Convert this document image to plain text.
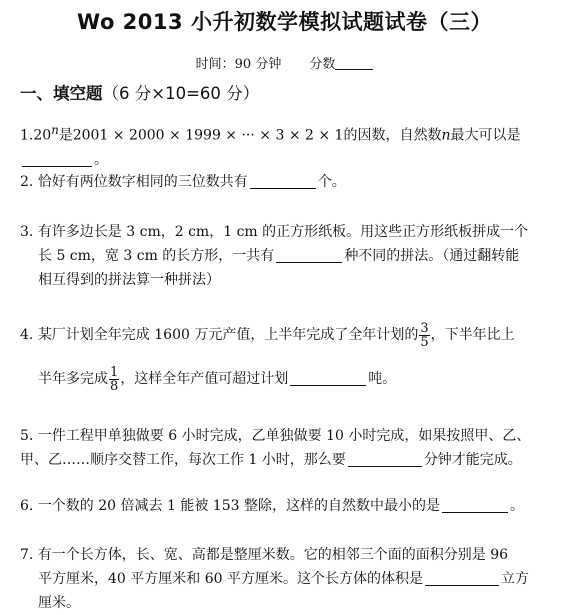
Wo 2013 小升初数学模拟试题试卷（三）
时间：90 分钟 分数
一、填空题（6 分×10=60 分）
1.20$^n$是2001 × 2000 × 1999 × ··· × 3 × 2 × 1的因数，自然数n最大可以是。
2. 恰好有两位数字相同的三位数共有	个。
3. 有许多边长是 3 cm，2 cm，1 cm 的正方形纸板。用这些正方形纸板拼成一个
长 5 cm，宽 3 cm 的长方形，一共有	种不同的拼法。（通过翻转能
相互得到的拼法算一种拼法）
4. 某厂计划全年完成 1600 万元产值，上半年完成了全年计划的 $\frac{3}{5}$ ，下半年比上
半年多完成 $\frac{1}{8}$ ，这样全年产值可超过计划	吨。
5. 一件工程甲单独做要 6 小时完成，乙单独做要 10 小时完成，如果按照甲、乙、
甲、乙……顺序交替工作，每次工作 1 小时，那么要	分钟才能完成。
6. 一个数的 20 倍减去 1 能被 153 整除，这样的自然数中最小的是	。
7. 有一个长方体，长、宽、高都是整厘米数。它的相邻三个面的面积分别是 96
平方厘米，40 平方厘米和 60 平方厘米。这个长方体的体积是	立方
厘米。
